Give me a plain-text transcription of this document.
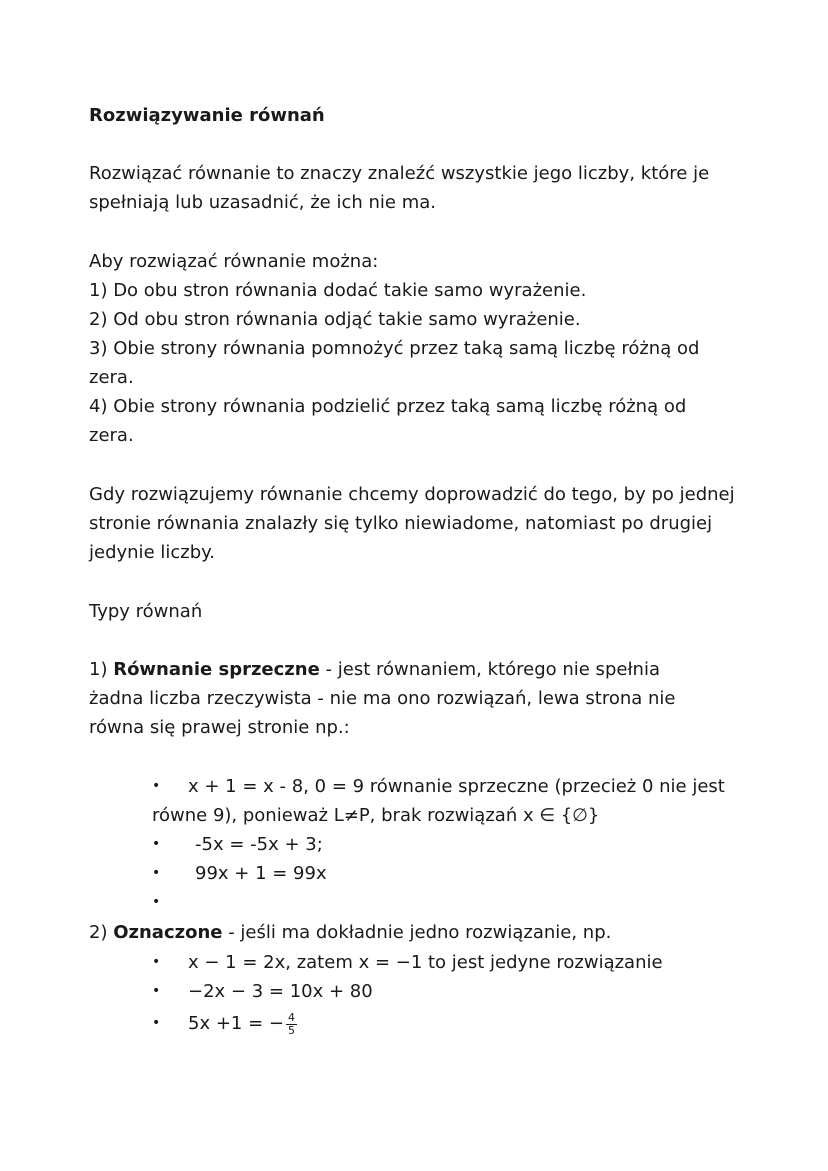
Rozwiązywanie równań
Rozwiązać równanie to znaczy znaleźć wszystkie jego liczby, które je
spełniają lub uzasadnić, że ich nie ma.
Aby rozwiązać równanie można:
1) Do obu stron równania dodać takie samo wyrażenie.
2) Od obu stron równania odjąć takie samo wyrażenie.
3) Obie strony równania pomnożyć przez taką samą liczbę różną od
zera.
4) Obie strony równania podzielić przez taką samą liczbę różną od
zera.
Gdy rozwiązujemy równanie chcemy doprowadzić do tego, by po jednej
stronie równania znalazły się tylko niewiadome, natomiast po drugiej
jedynie liczby.
Typy równań
1) Równanie sprzeczne - jest równaniem, którego nie spełnia
żadna liczba rzeczywista - nie ma ono rozwiązań, lewa strona nie
równa się prawej stronie np.:
• x + 1 = x - 8, 0 = 9 równanie sprzeczne (przecież 0 nie jest
równe 9), ponieważ L≠P, brak rozwiązań x ∈ {∅}
• -5x = -5x + 3;
• 99x + 1 = 99x
•
2) Oznaczone - jeśli ma dokładnie jedno rozwiązanie, np.
• x − 1 = 2x, zatem x = −1 to jest jedyne rozwiązanie
• −2x − 3 = 10x + 80
• 5x +1 = − $\frac{4}{5}$
